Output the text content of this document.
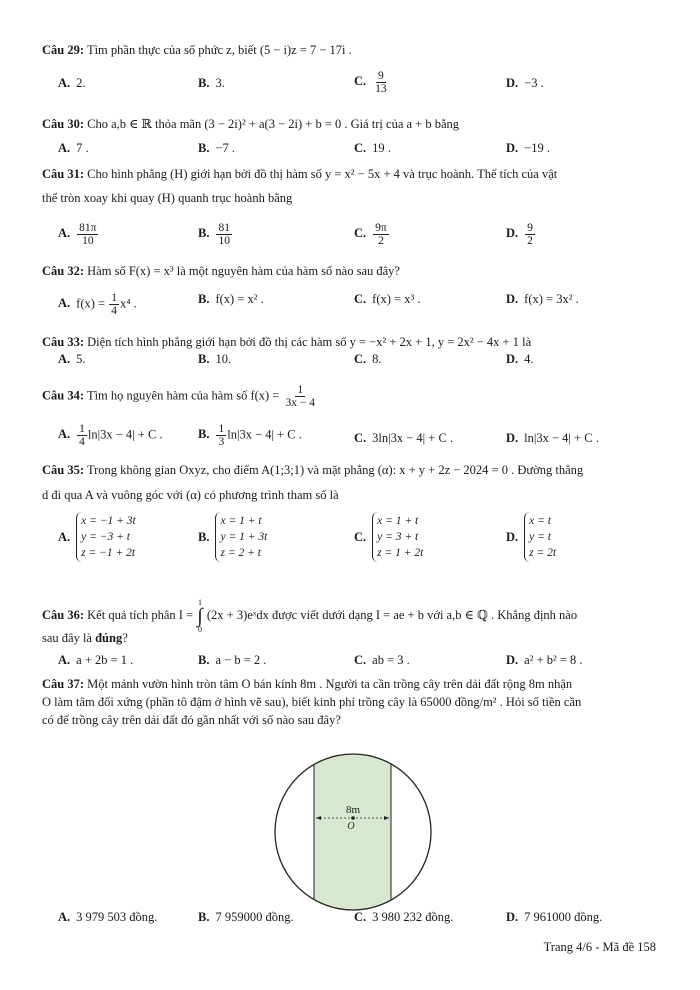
Câu 29: Tìm phần thực của số phức z, biết (5 − i)z = 7 − 17i .
A. 2.	B. 3.	C. $\frac{9}{13}$	D. −3 .
Câu 30: Cho a,b ∈ ℝ thỏa mãn (3 − 2i)² + a(3 − 2i) + b = 0 . Giá trị của a + b bằng
A. 7 .	B. −7 .	C. 19 .	D. −19 .
Câu 31: Cho hình phẳng (H) giới hạn bởi đồ thị hàm số y = x² − 5x + 4 và trục hoành. Thể tích của vật
thể tròn xoay khi quay (H) quanh trục hoành bằng
A. $\frac{81\pi}{10}$	B. $\frac{81}{10}$	C. $\frac{9\pi}{2}$	D. $\frac{9}{2}$
Câu 32: Hàm số F(x) = x³ là một nguyên hàm của hàm số nào sau đây?
A. $f(x) = \frac{1}{4} x^4$ .	B. f(x) = x² .	C. f(x) = x³ .	D. f(x) = 3x² .
Câu 33: Diện tích hình phẳng giới hạn bởi đồ thị các hàm số y = −x² + 2x + 1, y = 2x² − 4x + 1 là
A. 5.	B. 10.	C. 8.	D. 4.
Câu 34: Tìm họ nguyên hàm của hàm số $f(x) = \frac{1}{3x - 4}$
A. $\frac{1}{4} \ln|3x - 4| + C$ .	B. $\frac{1}{3} \ln|3x - 4| + C$ .	C. 3ln|3x − 4| + C .	D. ln|3x − 4| + C .
Câu 35: Trong không gian Oxyz, cho điểm A(1;3;1) và mặt phẳng (α): x + y + 2z − 2024 = 0 . Đường thẳng
d đi qua A và vuông góc với (α) có phương trình tham số là
A.x = −1 + 3t
y = −3 + t
z = −1 + 2t
B.x = 1 + t
y = 1 + 3t
z = 2 + t
C.x = 1 + t
y = 3 + t
z = 1 + 2t
D.x = t
y = t
z = 2t
Câu 36: Kết quả tích phân I =
1
∫
0
(2x + 3)eˣdx được viết dưới dạng I = ae + b với a,b ∈ ℚ . Khẳng định nào
sau đây là đúng?
A. a + 2b = 1 .	B. a − b = 2 .	C. ab = 3 .	D. a² + b² = 8 .
Câu 37: Một mảnh vườn hình tròn tâm O bán kính 8m . Người ta cần trồng cây trên dải đất rộng 8m nhận
O làm tâm đối xứng (phần tô đậm ở hình vẽ sau), biết kinh phí trồng cây là 65000 đồng/m² . Hỏi số tiền cần
có để trồng cây trên dải đất đó gần nhất với số nào sau đây?
8m
O
A. 3 979 503 đồng.	B. 7 959000 đồng.	C. 3 980 232 đồng.	D. 7 961000 đồng.
Trang 4/6 - Mã đề 158
